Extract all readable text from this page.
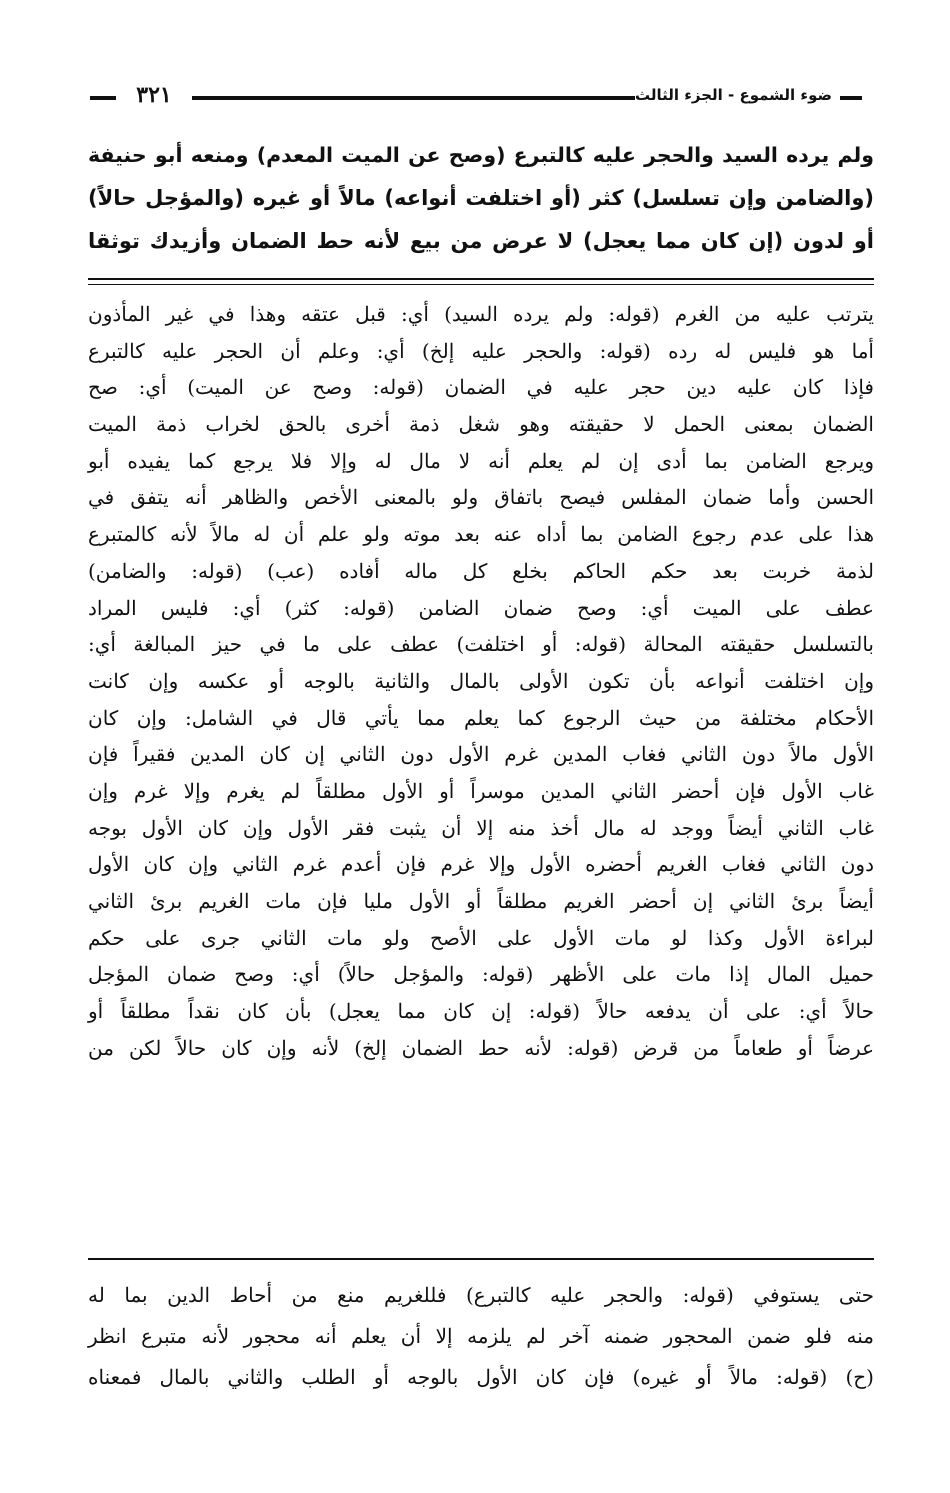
ضوء الشموع - الجزء الثالث
٣٢١
ولم يرده السيد والحجر عليه كالتبرع (وصح عن الميت المعدم) ومنعه أبو حنيفة
(والضامن وإن تسلسل) كثر (أو اختلفت أنواعه) مالاً أو غيره (والمؤجل حالاً)
أو لدون (إن كان مما يعجل) لا عرض من بيع لأنه حط الضمان وأزيدك توثقا
يترتب عليه من الغرم (قوله: ولم يرده السيد) أي: قبل عتقه وهذا في غير المأذون
أما هو فليس له رده (قوله: والحجر عليه إلخ) أي: وعلم أن الحجر عليه كالتبرع
فإذا كان عليه دين حجر عليه في الضمان (قوله: وصح عن الميت) أي: صح
الضمان بمعنى الحمل لا حقيقته وهو شغل ذمة أخرى بالحق لخراب ذمة الميت
ويرجع الضامن بما أدى إن لم يعلم أنه لا مال له وإلا فلا يرجع كما يفيده أبو
الحسن وأما ضمان المفلس فيصح باتفاق ولو بالمعنى الأخص والظاهر أنه يتفق في
هذا على عدم رجوع الضامن بما أداه عنه بعد موته ولو علم أن له مالاً لأنه كالمتبرع
لذمة خربت بعد حكم الحاكم بخلع كل ماله أفاده (عب) (قوله: والضامن)
عطف على الميت أي: وصح ضمان الضامن (قوله: كثر) أي: فليس المراد
بالتسلسل حقيقته المحالة (قوله: أو اختلفت) عطف على ما في حيز المبالغة أي:
وإن اختلفت أنواعه بأن تكون الأولى بالمال والثانية بالوجه أو عكسه وإن كانت
الأحكام مختلفة من حيث الرجوع كما يعلم مما يأتي قال في الشامل: وإن كان
الأول مالاً دون الثاني فغاب المدين غرم الأول دون الثاني إن كان المدين فقيراً فإن
غاب الأول فإن أحضر الثاني المدين موسراً أو الأول مطلقاً لم يغرم وإلا غرم وإن
غاب الثاني أيضاً ووجد له مال أخذ منه إلا أن يثبت فقر الأول وإن كان الأول بوجه
دون الثاني فغاب الغريم أحضره الأول وإلا غرم فإن أعدم غرم الثاني وإن كان الأول
أيضاً برئ الثاني إن أحضر الغريم مطلقاً أو الأول مليا فإن مات الغريم برئ الثاني
لبراءة الأول وكذا لو مات الأول على الأصح ولو مات الثاني جرى على حكم
حميل المال إذا مات على الأظهر (قوله: والمؤجل حالاً) أي: وصح ضمان المؤجل
حالاً أي: على أن يدفعه حالاً (قوله: إن كان مما يعجل) بأن كان نقداً مطلقاً أو
عرضاً أو طعاماً من قرض (قوله: لأنه حط الضمان إلخ) لأنه وإن كان حالاً لكن من
حتى يستوفي (قوله: والحجر عليه كالتبرع) فللغريم منع من أحاط الدين بما له
منه فلو ضمن المحجور ضمنه آخر لم يلزمه إلا أن يعلم أنه محجور لأنه متبرع انظر
(ح) (قوله: مالاً أو غيره) فإن كان الأول بالوجه أو الطلب والثاني بالمال فمعناه
